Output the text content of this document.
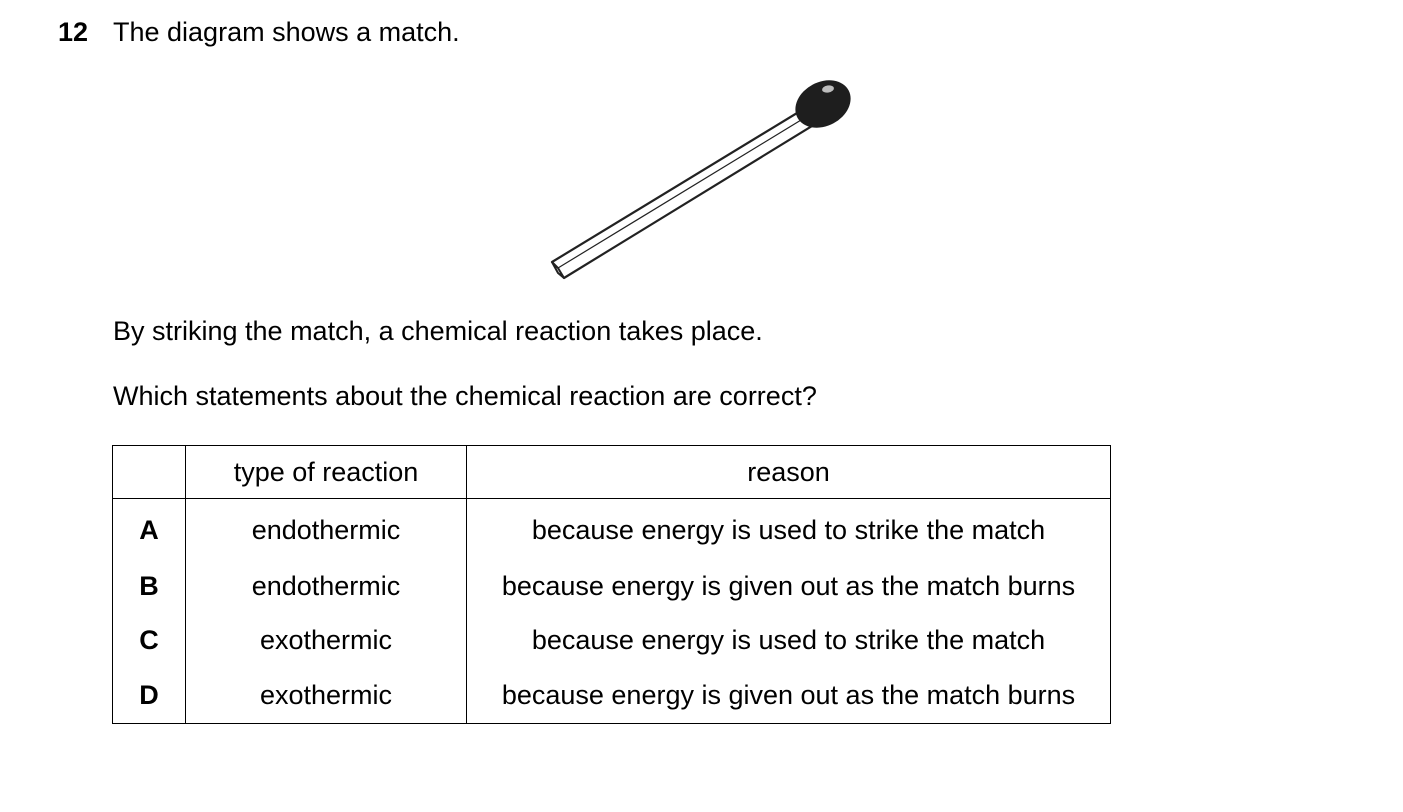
12 The diagram shows a match.
By striking the match, a chemical reaction takes place.
Which statements about the chemical reaction are correct?
	type of reaction	reason
A	endothermic	because energy is used to strike the match
B	endothermic	because energy is given out as the match burns
C	exothermic	because energy is used to strike the match
D	exothermic	because energy is given out as the match burns
